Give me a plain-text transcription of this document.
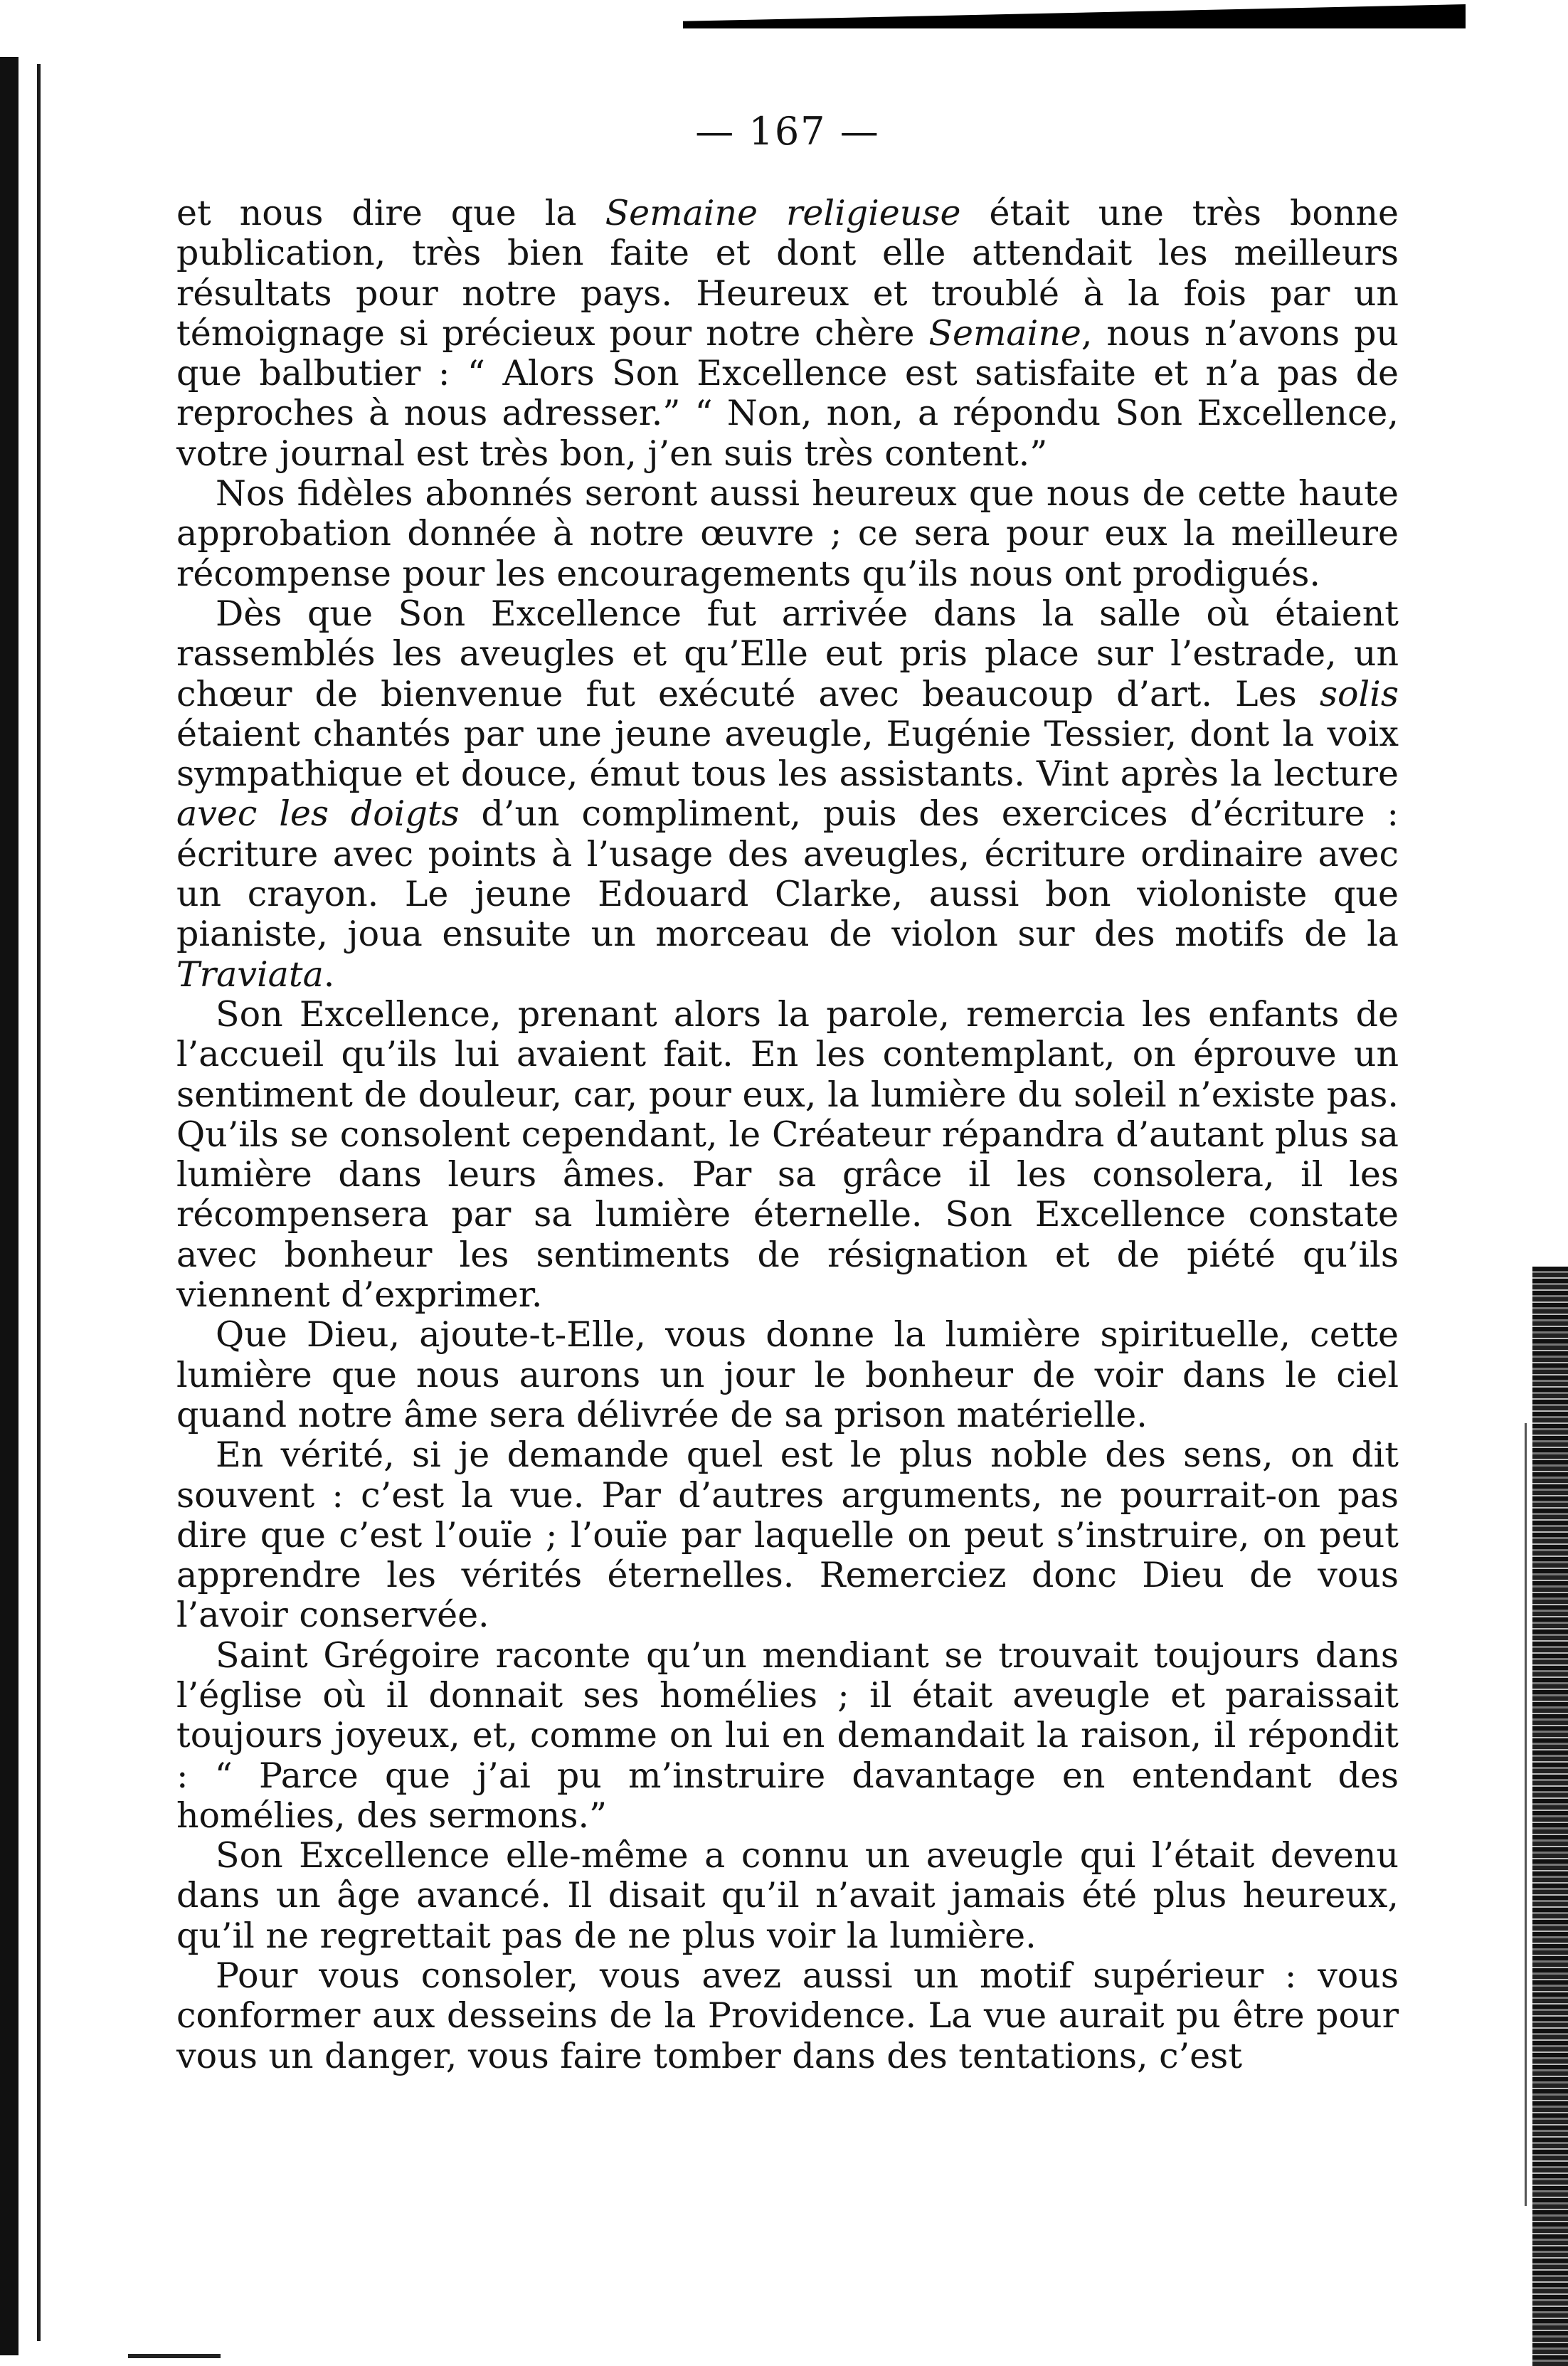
— 167 —

et nous dire que la Semaine religieuse était une très bonne publication, très bien faite et dont elle attendait les meilleurs résultats pour notre pays. Heureux et troublé à la fois par un témoignage si précieux pour notre chère Semaine, nous n’avons pu que balbutier : “ Alors Son Excellence est satisfaite et n’a pas de reproches à nous adresser.” “ Non, non, a répondu Son Excellence, votre journal est très bon, j’en suis très content.”

Nos fidèles abonnés seront aussi heureux que nous de cette haute approbation donnée à notre œuvre ; ce sera pour eux la meilleure récompense pour les encouragements qu’ils nous ont prodigués.

Dès que Son Excellence fut arrivée dans la salle où étaient rassemblés les aveugles et qu’Elle eut pris place sur l’estrade, un chœur de bienvenue fut exécuté avec beaucoup d’art. Les solis étaient chantés par une jeune aveugle, Eugénie Tessier, dont la voix sympathique et douce, émut tous les assistants. Vint après la lecture avec les doigts d’un compliment, puis des exercices d’écriture : écriture avec points à l’usage des aveugles, écriture ordinaire avec un crayon. Le jeune Edouard Clarke, aussi bon violoniste que pianiste, joua ensuite un morceau de violon sur des motifs de la Traviata.

Son Excellence, prenant alors la parole, remercia les enfants de l’accueil qu’ils lui avaient fait. En les contemplant, on éprouve un sentiment de douleur, car, pour eux, la lumière du soleil n’existe pas. Qu’ils se consolent cependant, le Créateur répandra d’autant plus sa lumière dans leurs âmes. Par sa grâce il les consolera, il les récompensera par sa lumière éternelle. Son Excellence constate avec bonheur les sentiments de résignation et de piété qu’ils viennent d’exprimer.

Que Dieu, ajoute-t-Elle, vous donne la lumière spirituelle, cette lumière que nous aurons un jour le bonheur de voir dans le ciel quand notre âme sera délivrée de sa prison matérielle.

En vérité, si je demande quel est le plus noble des sens, on dit souvent : c’est la vue. Par d’autres arguments, ne pourrait-on pas dire que c’est l’ouïe ; l’ouïe par laquelle on peut s’instruire, on peut apprendre les vérités éternelles. Remerciez donc Dieu de vous l’avoir conservée.

Saint Grégoire raconte qu’un mendiant se trouvait toujours dans l’église où il donnait ses homélies ; il était aveugle et paraissait toujours joyeux, et, comme on lui en demandait la raison, il répondit : “ Parce que j’ai pu m’instruire davantage en entendant des homélies, des sermons.”

Son Excellence elle-même a connu un aveugle qui l’était devenu dans un âge avancé. Il disait qu’il n’avait jamais été plus heureux, qu’il ne regrettait pas de ne plus voir la lumière.

Pour vous consoler, vous avez aussi un motif supérieur : vous conformer aux desseins de la Providence. La vue aurait pu être pour vous un danger, vous faire tomber dans des tentations, c’est
